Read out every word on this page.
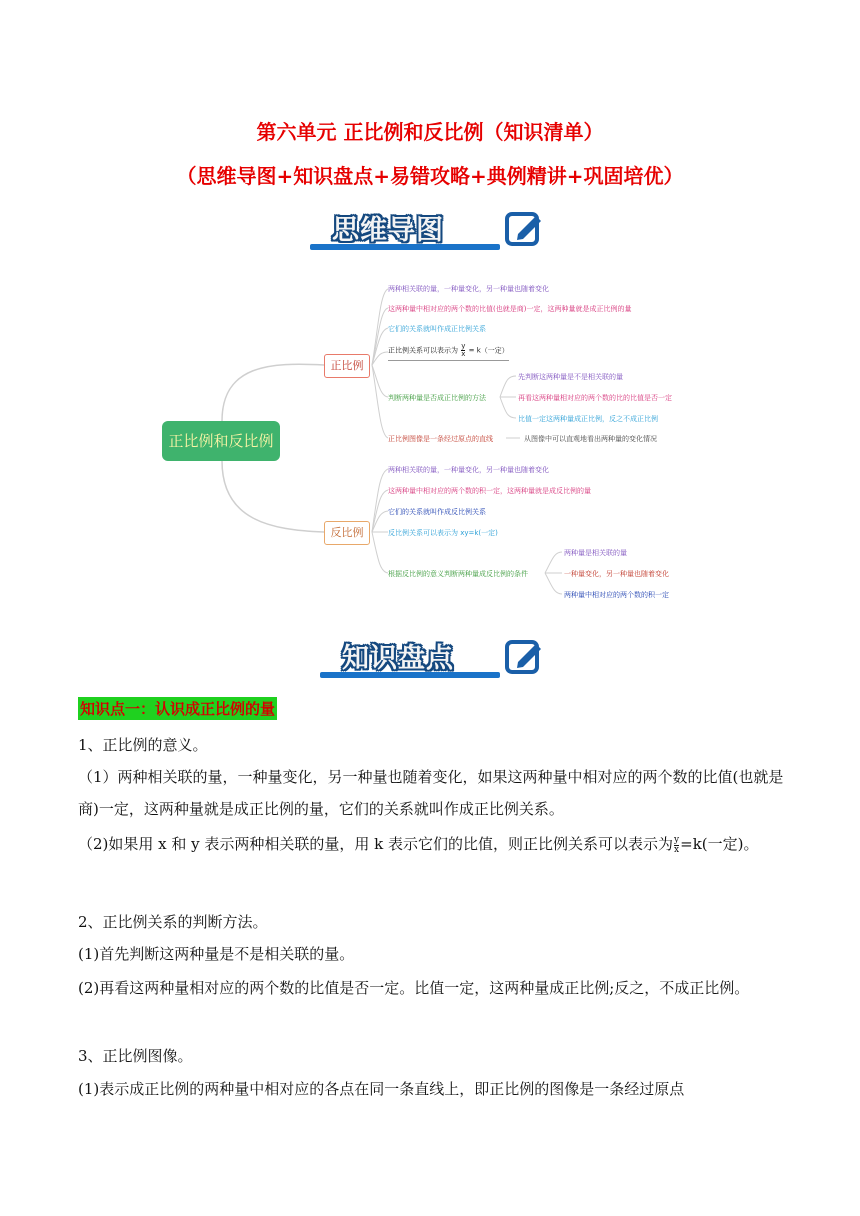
第六单元 正比例和反比例（知识清单）
（思维导图+知识盘点+易错攻略+典例精讲+巩固培优）
思维导图
正比例和反比例
正比例
反比例
两种相关联的量，一种量变化，另一种量也随着变化
这两种量中相对应的两个数的比值(也就是商)一定，这两种量就是成正比例的量
它们的关系就叫作成正比例关系
正比例关系可以表示为 $\frac{y}{x} = k$（一定）
判断两种量是否成正比例的方法
正比例图像是一条经过原点的直线
先判断这两种量是不是相关联的量
再看这两种量相对应的两个数的比的比值是否一定
比值一定这两种量成正比例，反之不成正比例
从图像中可以直观地看出两种量的变化情况
两种相关联的量，一种量变化，另一种量也随着变化
这两种量中相对应的两个数的积一定，这两种量就是成反比例的量
它们的关系就叫作成反比例关系
反比例关系可以表示为 xy=k(一定)
根据反比例的意义判断两种量成反比例的条件
两种量是相关联的量
一种量变化，另一种量也随着变化
两种量中相对应的两个数的积一定
知识盘点
知识点一：认识成正比例的量
1、正比例的意义。
（1）两种相关联的量，一种量变化，另一种量也随着变化，如果这两种量中相对应的两个数的比值(也就是商)一定，这两种量就是成正比例的量，它们的关系就叫作成正比例关系。
（2)如果用 x 和 y 表示两种相关联的量，用 k 表示它们的比值，则正比例关系可以表示为 $\frac{y}{x} =k$(一定)。
2、正比例关系的判断方法。
(1)首先判断这两种量是不是相关联的量。
(2)再看这两种量相对应的两个数的比值是否一定。比值一定，这两种量成正比例;反之，不成正比例。
3、正比例图像。
(1)表示成正比例的两种量中相对应的各点在同一条直线上，即正比例的图像是一条经过原点
